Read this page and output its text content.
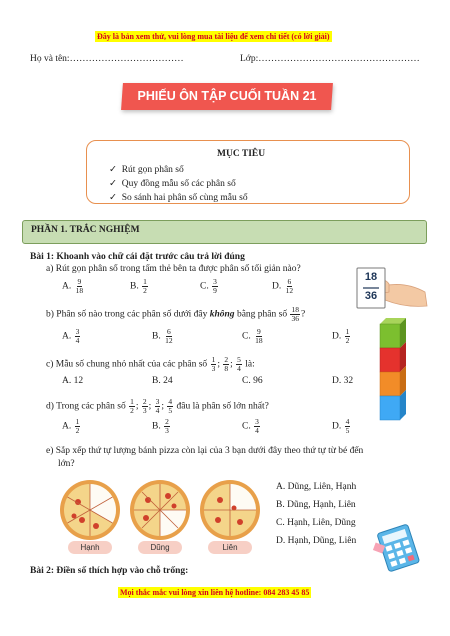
Đây là bản xem thử, vui lòng mua tài liệu để xem chi tiết (có lời giải)
Họ và tên:………………………………	Lớp:……………………………………………
PHIẾU ÔN TẬP CUỐI TUẦN 21
MỤC TIÊU
✓ Rút gọn phân số
✓ Quy đồng mẫu số các phân số
✓ So sánh hai phân số cùng mẫu số
PHẦN 1. TRẮC NGHIỆM
Bài 1: Khoanh vào chữ cái đặt trước câu trả lời đúng
a) Rút gọn phân số trong tấm thẻ bên ta được phân số tối giản nào?
A. $\frac{9}{18}$	B. $\frac{1}{2}$	C. $\frac{3}{9}$	D. $\frac{6}{12}$
18
36
b) Phân số nào trong các phân số dưới đây không bằng phân số $\frac{18}{36}$ ?
A. $\frac{3}{4}$	B. $\frac{6}{12}$	C. $\frac{9}{18}$	D. $\frac{1}{2}$
c) Mẫu số chung nhỏ nhất của các phân số $\frac{1}{3}$ ; $\frac{2}{8}$ ; $\frac{5}{4}$ là:
A. 12	B. 24	C. 96	D. 32
d) Trong các phân số $\frac{1}{2}$ ; $\frac{2}{3}$ ; $\frac{3}{4}$ ; $\frac{4}{5}$ đâu là phân số lớn nhất?
A. $\frac{1}{2}$	B. $\frac{2}{3}$	C. $\frac{3}{4}$	D. $\frac{4}{5}$
e) Sắp xếp thứ tự lượng bánh pizza còn lại của 3 bạn dưới đây theo thứ tự từ bé đến
lớn?
Hạnh	Dũng	Liên
A. Dũng, Liên, Hạnh
B. Dũng, Hạnh, Liên
C. Hạnh, Liên, Dũng
D. Hạnh, Dũng, Liên
Bài 2: Điền số thích hợp vào chỗ trống:
Mọi thắc mắc vui lòng xin liên hệ hotline: 084 283 45 85
